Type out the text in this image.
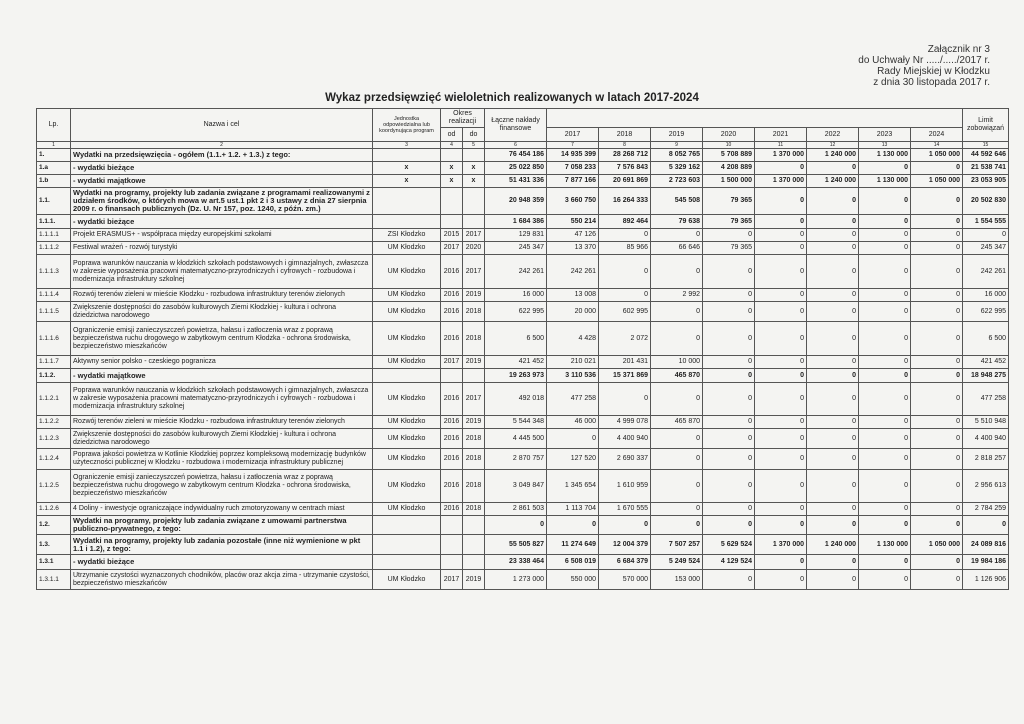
Załącznik nr 3
do Uchwały Nr ...../...../2017 r.
Rady Miejskiej w Kłodzku
z dnia 30 listopada 2017 r.
Wykaz przedsięwzięć wieloletnich realizowanych w latach 2017-2024
Lp.	Nazwa i cel	Jednostka odpowiedzialna lub koordynująca program	Okres realizacji		Łączne nakłady finansowe									Limit zobowiązań
			od	do		2017	2018	2019	2020	2021	2022	2023	2024	
1	2	3	4	5	6	7	8	9	10	11	12	13	14	15
1.	Wydatki na przedsięwzięcia - ogółem (1.1.+ 1.2. + 1.3.) z tego:				76 454 186	14 935 399	28 268 712	8 052 765	5 708 889	1 370 000	1 240 000	1 130 000	1 050 000	44 592 646
1.a	- wydatki bieżące	x	x	x	25 022 850	7 058 233	7 576 843	5 329 162	4 208 889	0	0	0	0	21 538 741
1.b	- wydatki majątkowe	x	x	x	51 431 336	7 877 166	20 691 869	2 723 603	1 500 000	1 370 000	1 240 000	1 130 000	1 050 000	23 053 905
1.1.	Wydatki na programy, projekty lub zadania związane z programami realizowanymi z udziałem środków, o których mowa w art.5 ust.1 pkt 2 i 3 ustawy z dnia 27 sierpnia 2009 r. o finansach publicznych (Dz. U. Nr 157, poz. 1240, z późn. zm.)				20 948 359	3 660 750	16 264 333	545 508	79 365	0	0	0	0	20 502 830
1.1.1.	- wydatki bieżące				1 684 386	550 214	892 464	79 638	79 365	0	0	0	0	1 554 555
1.1.1.1	Projekt ERASMUS+ - współpraca między europejskimi szkołami	ZSI Kłodzko	2015	2017	129 831	47 126	0	0	0	0	0	0	0	0
1.1.1.2	Festiwal wrażeń - rozwój turystyki	UM Kłodzko	2017	2020	245 347	13 370	85 966	66 646	79 365	0	0	0	0	245 347
1.1.1.3	Poprawa warunków nauczania w kłodzkich szkołach podstawowych i gimnazjalnych, zwłaszcza w zakresie wyposażenia pracowni matematyczno-przyrodniczych i cyfrowych - rozbudowa i modernizacja infrastruktury szkolnej	UM Kłodzko	2016	2017	242 261	242 261	0	0	0	0	0	0	0	242 261
1.1.1.4	Rozwój terenów zieleni w mieście Kłodzku - rozbudowa infrastruktury terenów zielonych	UM Kłodzko	2016	2019	16 000	13 008	0	2 992	0	0	0	0	0	16 000
1.1.1.5	Zwiększenie dostępności do zasobów kulturowych Ziemi Kłodzkiej - kultura i ochrona dziedzictwa narodowego	UM Kłodzko	2016	2018	622 995	20 000	602 995	0	0	0	0	0	0	622 995
1.1.1.6	Ograniczenie emisji zanieczyszczeń powietrza, hałasu i zatłoczenia wraz z poprawą bezpieczeństwa ruchu drogowego w zabytkowym centrum Kłodzka - ochrona środowiska, bezpieczeństwo mieszkańców	UM Kłodzko	2016	2018	6 500	4 428	2 072	0	0	0	0	0	0	6 500
1.1.1.7	Aktywny senior polsko - czeskiego pogranicza	UM Kłodzko	2017	2019	421 452	210 021	201 431	10 000	0	0	0	0	0	421 452
1.1.2.	- wydatki majątkowe				19 263 973	3 110 536	15 371 869	465 870	0	0	0	0	0	18 948 275
1.1.2.1	Poprawa warunków nauczania w kłodzkich szkołach podstawowych i gimnazjalnych, zwłaszcza w zakresie wyposażenia pracowni matematyczno-przyrodniczych i cyfrowych - rozbudowa i modernizacja infrastruktury szkolnej	UM Kłodzko	2016	2017	492 018	477 258	0	0	0	0	0	0	0	477 258
1.1.2.2	Rozwój terenów zieleni w mieście Kłodzku - rozbudowa infrastruktury terenów zielonych	UM Kłodzko	2016	2019	5 544 348	46 000	4 999 078	465 870	0	0	0	0	0	5 510 948
1.1.2.3	Zwiększenie dostępności do zasobów kulturowych Ziemi Kłodzkiej - kultura i ochrona dziedzictwa narodowego	UM Kłodzko	2016	2018	4 445 500	0	4 400 940	0	0	0	0	0	0	4 400 940
1.1.2.4	Poprawa jakości powietrza w Kotlinie Kłodzkiej poprzez kompleksową modernizację budynków użyteczności publicznej w Kłodzku - rozbudowa i modernizacja infrastruktury publicznej	UM Kłodzko	2016	2018	2 870 757	127 520	2 690 337	0	0	0	0	0	0	2 818 257
1.1.2.5	Ograniczenie emisji zanieczyszczeń powietrza, hałasu i zatłoczenia wraz z poprawą bezpieczeństwa ruchu drogowego w zabytkowym centrum Kłodzka - ochrona środowiska, bezpieczeństwo mieszkańców	UM Kłodzko	2016	2018	3 049 847	1 345 654	1 610 959	0	0	0	0	0	0	2 956 613
1.1.2.6	4 Doliny - inwestycje ograniczające indywidualny ruch zmotoryzowany w centrach miast	UM Kłodzko	2016	2018	2 861 503	1 113 704	1 670 555	0	0	0	0	0	0	2 784 259
1.2.	Wydatki na programy, projekty lub zadania związane z umowami partnerstwa publiczno-prywatnego, z tego:				0	0	0	0	0	0	0	0	0	0
1.3.	Wydatki na programy, projekty lub zadania pozostałe (inne niż wymienione w pkt 1.1 i 1.2), z tego:				55 505 827	11 274 649	12 004 379	7 507 257	5 629 524	1 370 000	1 240 000	1 130 000	1 050 000	24 089 816
1.3.1	- wydatki bieżące				23 338 464	6 508 019	6 684 379	5 249 524	4 129 524	0	0	0	0	19 984 186
1.3.1.1	Utrzymanie czystości wyznaczonych chodników, placów oraz akcja zima - utrzymanie czystości, bezpieczeństwo mieszkańców	UM Kłodzko	2017	2019	1 273 000	550 000	570 000	153 000	0	0	0	0	0	1 126 906
